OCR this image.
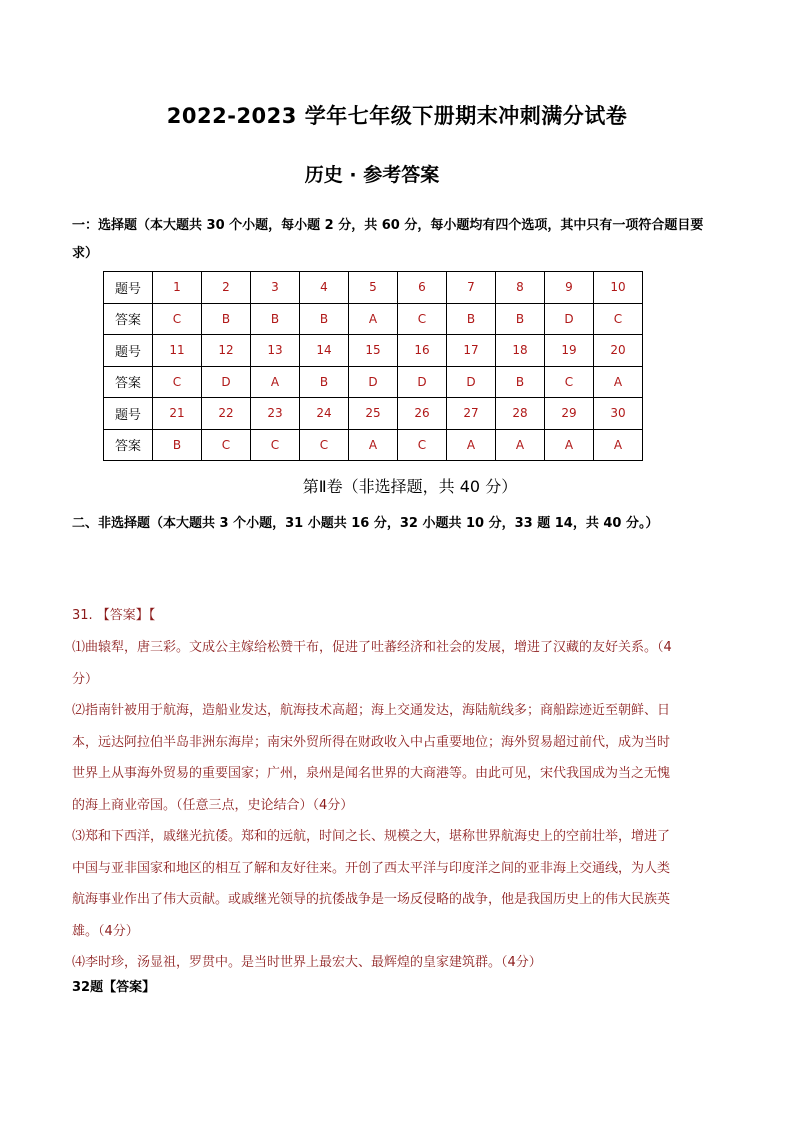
2022-2023 学年七年级下册期末冲刺满分试卷
历史 · 参考答案
一：选择题（本大题共 30 个小题，每小题 2 分，共 60 分，每小题均有四个选项，其中只有一项符合题目要求）
题号	1	2	3	4	5	6	7	8	9	10
答案	C	B	B	B	A	C	B	B	D	C
题号	11	12	13	14	15	16	17	18	19	20
答案	C	D	A	B	D	D	D	B	C	A
题号	21	22	23	24	25	26	27	28	29	30
答案	B	C	C	C	A	C	A	A	A	A
第Ⅱ卷（非选择题，共 40 分）
二、非选择题（本大题共 3 个小题，31 小题共 16 分，32 小题共 10 分，33 题 14，共 40 分。）
31. 【答案】【

⑴曲辕犁，唐三彩。文成公主嫁给松赞干布，促进了吐蕃经济和社会的发展，增进了汉藏的友好关系。（4分）

⑵指南针被用于航海，造船业发达，航海技术高超；海上交通发达，海陆航线多；商船踪迹近至朝鲜、日本，远达阿拉伯半岛非洲东海岸；南宋外贸所得在财政收入中占重要地位；海外贸易超过前代，成为当时世界上从事海外贸易的重要国家；广州，泉州是闻名世界的大商港等。由此可见，宋代我国成为当之无愧的海上商业帝国。（任意三点，史论结合）（4分）

⑶郑和下西洋，戚继光抗倭。郑和的远航，时间之长、规模之大，堪称世界航海史上的空前壮举，增进了中国与亚非国家和地区的相互了解和友好往来。开创了西太平洋与印度洋之间的亚非海上交通线，为人类航海事业作出了伟大贡献。或戚继光领导的抗倭战争是一场反侵略的战争，他是我国历史上的伟大民族英雄。（4分）

⑷李时珍，汤显祖，罗贯中。是当时世界上最宏大、最辉煌的皇家建筑群。（4分）

32题【答案】
